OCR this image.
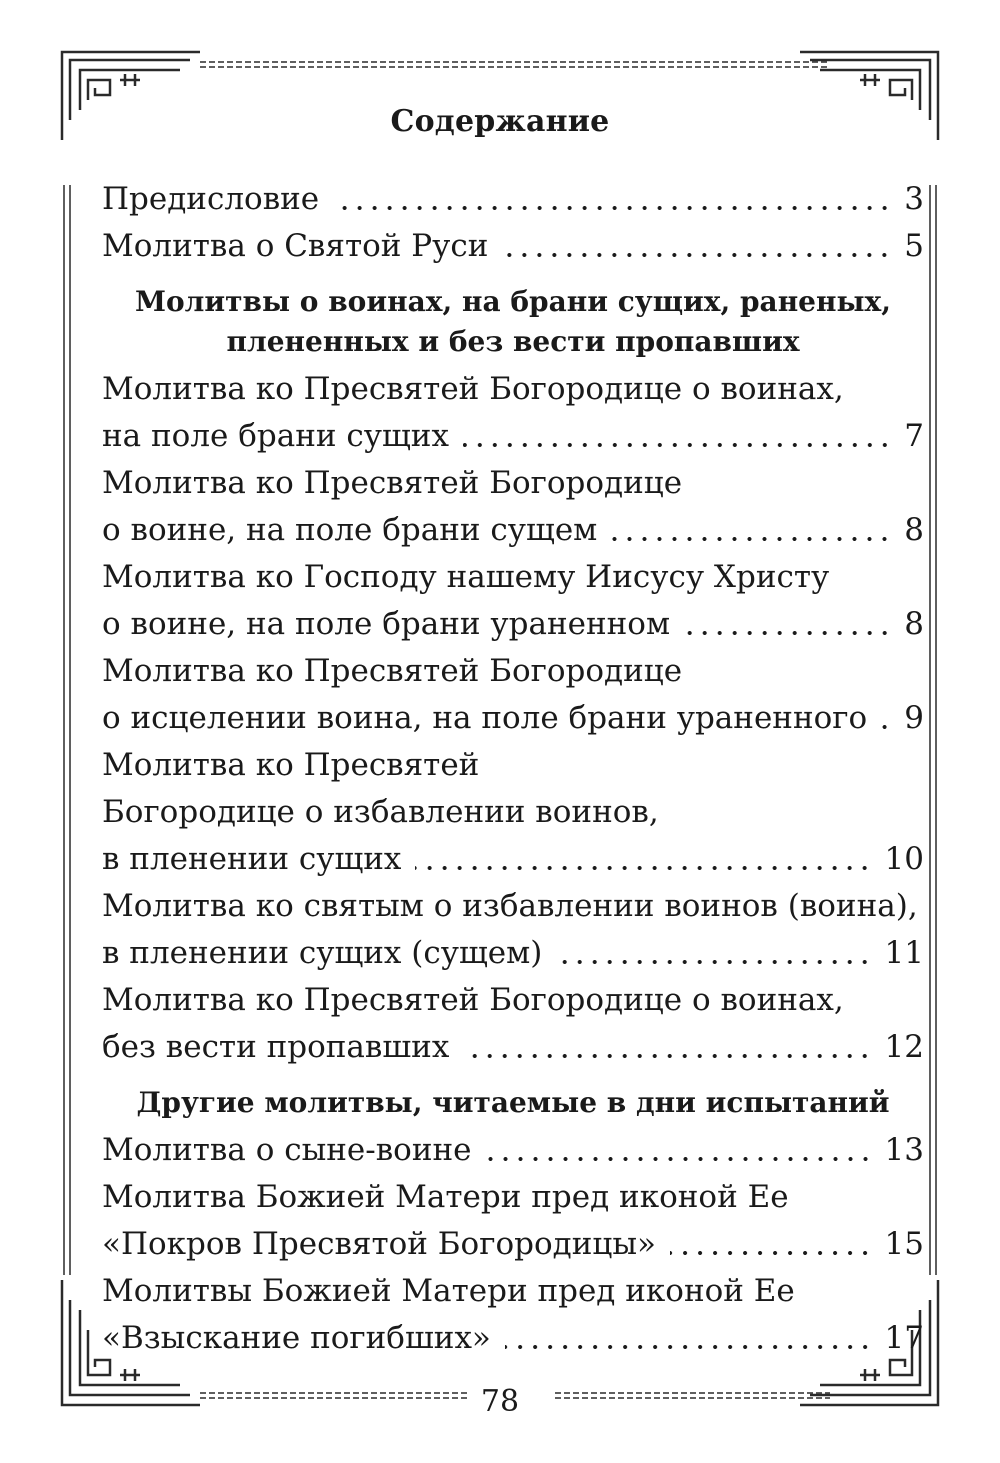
Содержание
Предисловие	3
Молитва о Святой Руси	5
Молитвы о воинах, на брани сущих, раненых,
плененных и без вести пропавших
Молитва ко Пресвятей Богородице о воинах,
на поле брани сущих	7
Молитва ко Пресвятей Богородице
о воине, на поле брани сущем	8
Молитва ко Господу нашему Иисусу Христу
о воине, на поле брани ураненном	8
Молитва ко Пресвятей Богородице
о исцелении воина, на поле брани ураненного 9
Молитва ко Пресвятей
Богородице о избавлении воинов,
в пленении сущих	10
Молитва ко святым о избавлении воинов (воина),
в пленении сущих (сущем)	11
Молитва ко Пресвятей Богородице о воинах,
без вести пропавших	12
Другие молитвы, читаемые в дни испытаний
Молитва о сыне-воине	13
Молитва Божией Матери пред иконой Ее
«Покров Пресвятой Богородицы»	15
Молитвы Божией Матери пред иконой Ее
«Взыскание погибших»	17
78
